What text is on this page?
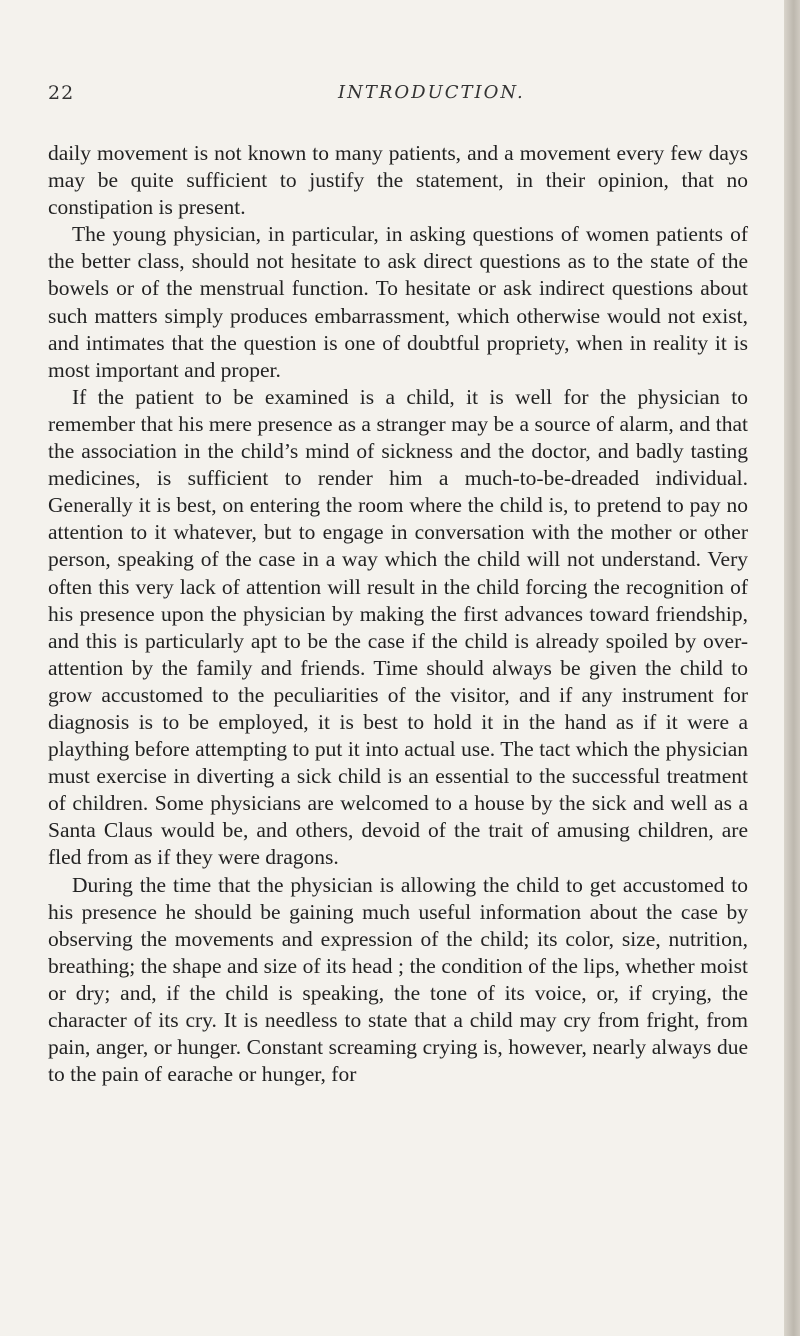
22	INTRODUCTION.

daily movement is not known to many patients, and a movement every few days may be quite sufficient to justify the statement, in their opinion, that no constipation is present.

The young physician, in particular, in asking questions of women patients of the better class, should not hesitate to ask direct questions as to the state of the bowels or of the menstrual function. To hesitate or ask indirect questions about such matters simply produces embarrassment, which otherwise would not exist, and intimates that the question is one of doubtful propriety, when in reality it is most important and proper.

If the patient to be examined is a child, it is well for the physician to remember that his mere presence as a stranger may be a source of alarm, and that the association in the child’s mind of sickness and the doctor, and badly tasting medicines, is sufficient to render him a much-to-be-dreaded individual. Generally it is best, on entering the room where the child is, to pretend to pay no attention to it whatever, but to engage in conversation with the mother or other person, speaking of the case in a way which the child will not understand. Very often this very lack of attention will result in the child forcing the recognition of his presence upon the physician by making the first advances toward friendship, and this is particularly apt to be the case if the child is already spoiled by over-attention by the family and friends. Time should always be given the child to grow accustomed to the peculiarities of the visitor, and if any instrument for diagnosis is to be employed, it is best to hold it in the hand as if it were a plaything before attempting to put it into actual use. The tact which the physician must exercise in diverting a sick child is an essential to the successful treatment of children. Some physicians are welcomed to a house by the sick and well as a Santa Claus would be, and others, devoid of the trait of amusing children, are fled from as if they were dragons.

During the time that the physician is allowing the child to get accustomed to his presence he should be gaining much useful information about the case by observing the movements and expression of the child; its color, size, nutrition, breathing; the shape and size of its head ; the condition of the lips, whether moist or dry; and, if the child is speaking, the tone of its voice, or, if crying, the character of its cry. It is needless to state that a child may cry from fright, from pain, anger, or hunger. Constant screaming crying is, however, nearly always due to the pain of earache or hunger, for
